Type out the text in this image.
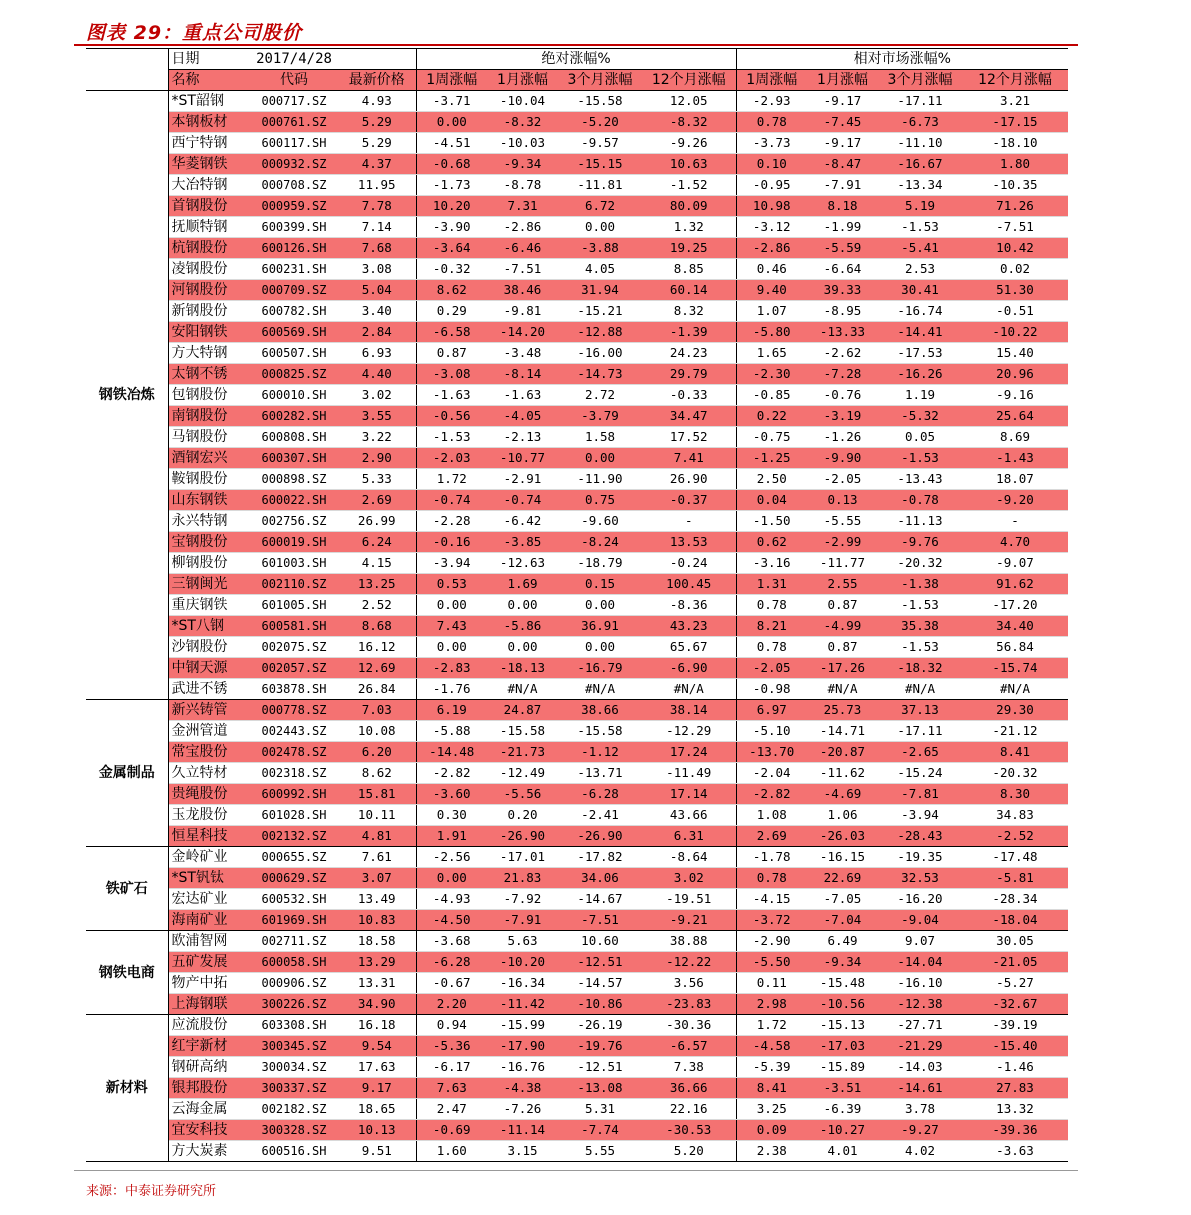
图表 29：重点公司股价
	日期	2017/4/28		绝对涨幅%				相对市场涨幅%			
	名称	代码	最新价格	1周涨幅	1月涨幅	3个月涨幅	12个月涨幅	1周涨幅	1月涨幅	3个月涨幅	12个月涨幅
钢铁冶炼	*ST韶钢	000717.SZ	4.93	-3.71	-10.04	-15.58	12.05	-2.93	-9.17	-17.11	3.21
	本钢板材	000761.SZ	5.29	0.00	-8.32	-5.20	-8.32	0.78	-7.45	-6.73	-17.15
	西宁特钢	600117.SH	5.29	-4.51	-10.03	-9.57	-9.26	-3.73	-9.17	-11.10	-18.10
	华菱钢铁	000932.SZ	4.37	-0.68	-9.34	-15.15	10.63	0.10	-8.47	-16.67	1.80
	大冶特钢	000708.SZ	11.95	-1.73	-8.78	-11.81	-1.52	-0.95	-7.91	-13.34	-10.35
	首钢股份	000959.SZ	7.78	10.20	7.31	6.72	80.09	10.98	8.18	5.19	71.26
	抚顺特钢	600399.SH	7.14	-3.90	-2.86	0.00	1.32	-3.12	-1.99	-1.53	-7.51
	杭钢股份	600126.SH	7.68	-3.64	-6.46	-3.88	19.25	-2.86	-5.59	-5.41	10.42
	凌钢股份	600231.SH	3.08	-0.32	-7.51	4.05	8.85	0.46	-6.64	2.53	0.02
	河钢股份	000709.SZ	5.04	8.62	38.46	31.94	60.14	9.40	39.33	30.41	51.30
	新钢股份	600782.SH	3.40	0.29	-9.81	-15.21	8.32	1.07	-8.95	-16.74	-0.51
	安阳钢铁	600569.SH	2.84	-6.58	-14.20	-12.88	-1.39	-5.80	-13.33	-14.41	-10.22
	方大特钢	600507.SH	6.93	0.87	-3.48	-16.00	24.23	1.65	-2.62	-17.53	15.40
	太钢不锈	000825.SZ	4.40	-3.08	-8.14	-14.73	29.79	-2.30	-7.28	-16.26	20.96
	包钢股份	600010.SH	3.02	-1.63	-1.63	2.72	-0.33	-0.85	-0.76	1.19	-9.16
	南钢股份	600282.SH	3.55	-0.56	-4.05	-3.79	34.47	0.22	-3.19	-5.32	25.64
	马钢股份	600808.SH	3.22	-1.53	-2.13	1.58	17.52	-0.75	-1.26	0.05	8.69
	酒钢宏兴	600307.SH	2.90	-2.03	-10.77	0.00	7.41	-1.25	-9.90	-1.53	-1.43
	鞍钢股份	000898.SZ	5.33	1.72	-2.91	-11.90	26.90	2.50	-2.05	-13.43	18.07
	山东钢铁	600022.SH	2.69	-0.74	-0.74	0.75	-0.37	0.04	0.13	-0.78	-9.20
	永兴特钢	002756.SZ	26.99	-2.28	-6.42	-9.60	-	-1.50	-5.55	-11.13	-
	宝钢股份	600019.SH	6.24	-0.16	-3.85	-8.24	13.53	0.62	-2.99	-9.76	4.70
	柳钢股份	601003.SH	4.15	-3.94	-12.63	-18.79	-0.24	-3.16	-11.77	-20.32	-9.07
	三钢闽光	002110.SZ	13.25	0.53	1.69	0.15	100.45	1.31	2.55	-1.38	91.62
	重庆钢铁	601005.SH	2.52	0.00	0.00	0.00	-8.36	0.78	0.87	-1.53	-17.20
	*ST八钢	600581.SH	8.68	7.43	-5.86	36.91	43.23	8.21	-4.99	35.38	34.40
	沙钢股份	002075.SZ	16.12	0.00	0.00	0.00	65.67	0.78	0.87	-1.53	56.84
	中钢天源	002057.SZ	12.69	-2.83	-18.13	-16.79	-6.90	-2.05	-17.26	-18.32	-15.74
	武进不锈	603878.SH	26.84	-1.76	#N/A	#N/A	#N/A	-0.98	#N/A	#N/A	#N/A
金属制品	新兴铸管	000778.SZ	7.03	6.19	24.87	38.66	38.14	6.97	25.73	37.13	29.30
	金洲管道	002443.SZ	10.08	-5.88	-15.58	-15.58	-12.29	-5.10	-14.71	-17.11	-21.12
	常宝股份	002478.SZ	6.20	-14.48	-21.73	-1.12	17.24	-13.70	-20.87	-2.65	8.41
	久立特材	002318.SZ	8.62	-2.82	-12.49	-13.71	-11.49	-2.04	-11.62	-15.24	-20.32
	贵绳股份	600992.SH	15.81	-3.60	-5.56	-6.28	17.14	-2.82	-4.69	-7.81	8.30
	玉龙股份	601028.SH	10.11	0.30	0.20	-2.41	43.66	1.08	1.06	-3.94	34.83
	恒星科技	002132.SZ	4.81	1.91	-26.90	-26.90	6.31	2.69	-26.03	-28.43	-2.52
铁矿石	金岭矿业	000655.SZ	7.61	-2.56	-17.01	-17.82	-8.64	-1.78	-16.15	-19.35	-17.48
	*ST钒钛	000629.SZ	3.07	0.00	21.83	34.06	3.02	0.78	22.69	32.53	-5.81
	宏达矿业	600532.SH	13.49	-4.93	-7.92	-14.67	-19.51	-4.15	-7.05	-16.20	-28.34
	海南矿业	601969.SH	10.83	-4.50	-7.91	-7.51	-9.21	-3.72	-7.04	-9.04	-18.04
钢铁电商	欧浦智网	002711.SZ	18.58	-3.68	5.63	10.60	38.88	-2.90	6.49	9.07	30.05
	五矿发展	600058.SH	13.29	-6.28	-10.20	-12.51	-12.22	-5.50	-9.34	-14.04	-21.05
	物产中拓	000906.SZ	13.31	-0.67	-16.34	-14.57	3.56	0.11	-15.48	-16.10	-5.27
	上海钢联	300226.SZ	34.90	2.20	-11.42	-10.86	-23.83	2.98	-10.56	-12.38	-32.67
新材料	应流股份	603308.SH	16.18	0.94	-15.99	-26.19	-30.36	1.72	-15.13	-27.71	-39.19
	红宇新材	300345.SZ	9.54	-5.36	-17.90	-19.76	-6.57	-4.58	-17.03	-21.29	-15.40
	钢研高纳	300034.SZ	17.63	-6.17	-16.76	-12.51	7.38	-5.39	-15.89	-14.03	-1.46
	银邦股份	300337.SZ	9.17	7.63	-4.38	-13.08	36.66	8.41	-3.51	-14.61	27.83
	云海金属	002182.SZ	18.65	2.47	-7.26	5.31	22.16	3.25	-6.39	3.78	13.32
	宜安科技	300328.SZ	10.13	-0.69	-11.14	-7.74	-30.53	0.09	-10.27	-9.27	-39.36
	方大炭素	600516.SH	9.51	1.60	3.15	5.55	5.20	2.38	4.01	4.02	-3.63
来源：中泰证券研究所
